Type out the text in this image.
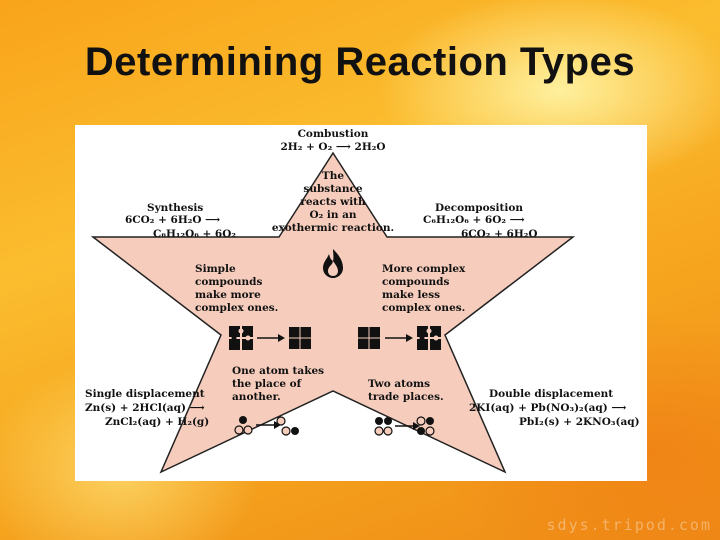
Determining Reaction Types
Combustion
2H₂ + O₂ ⟶ 2H₂O
The
substance
reacts with
O₂ in an
exothermic reaction.
Synthesis
6CO₂ + 6H₂O ⟶
C₆H₁₂O₆ + 6O₂
Simple
compounds
make more
complex ones.
Decomposition
C₆H₁₂O₆ + 6O₂ ⟶
6CO₂ + 6H₂O
More complex
compounds
make less
complex ones.
Single displacement
Zn(s) + 2HCl(aq) ⟶
ZnCl₂(aq) + H₂(g)
One atom takes
the place of
another.	Double displacement
2KI(aq) + Pb(NO₃)₂(aq) ⟶
PbI₂(s) + 2KNO₃(aq)
Two atoms
trade places.
sdys.tripod.com
